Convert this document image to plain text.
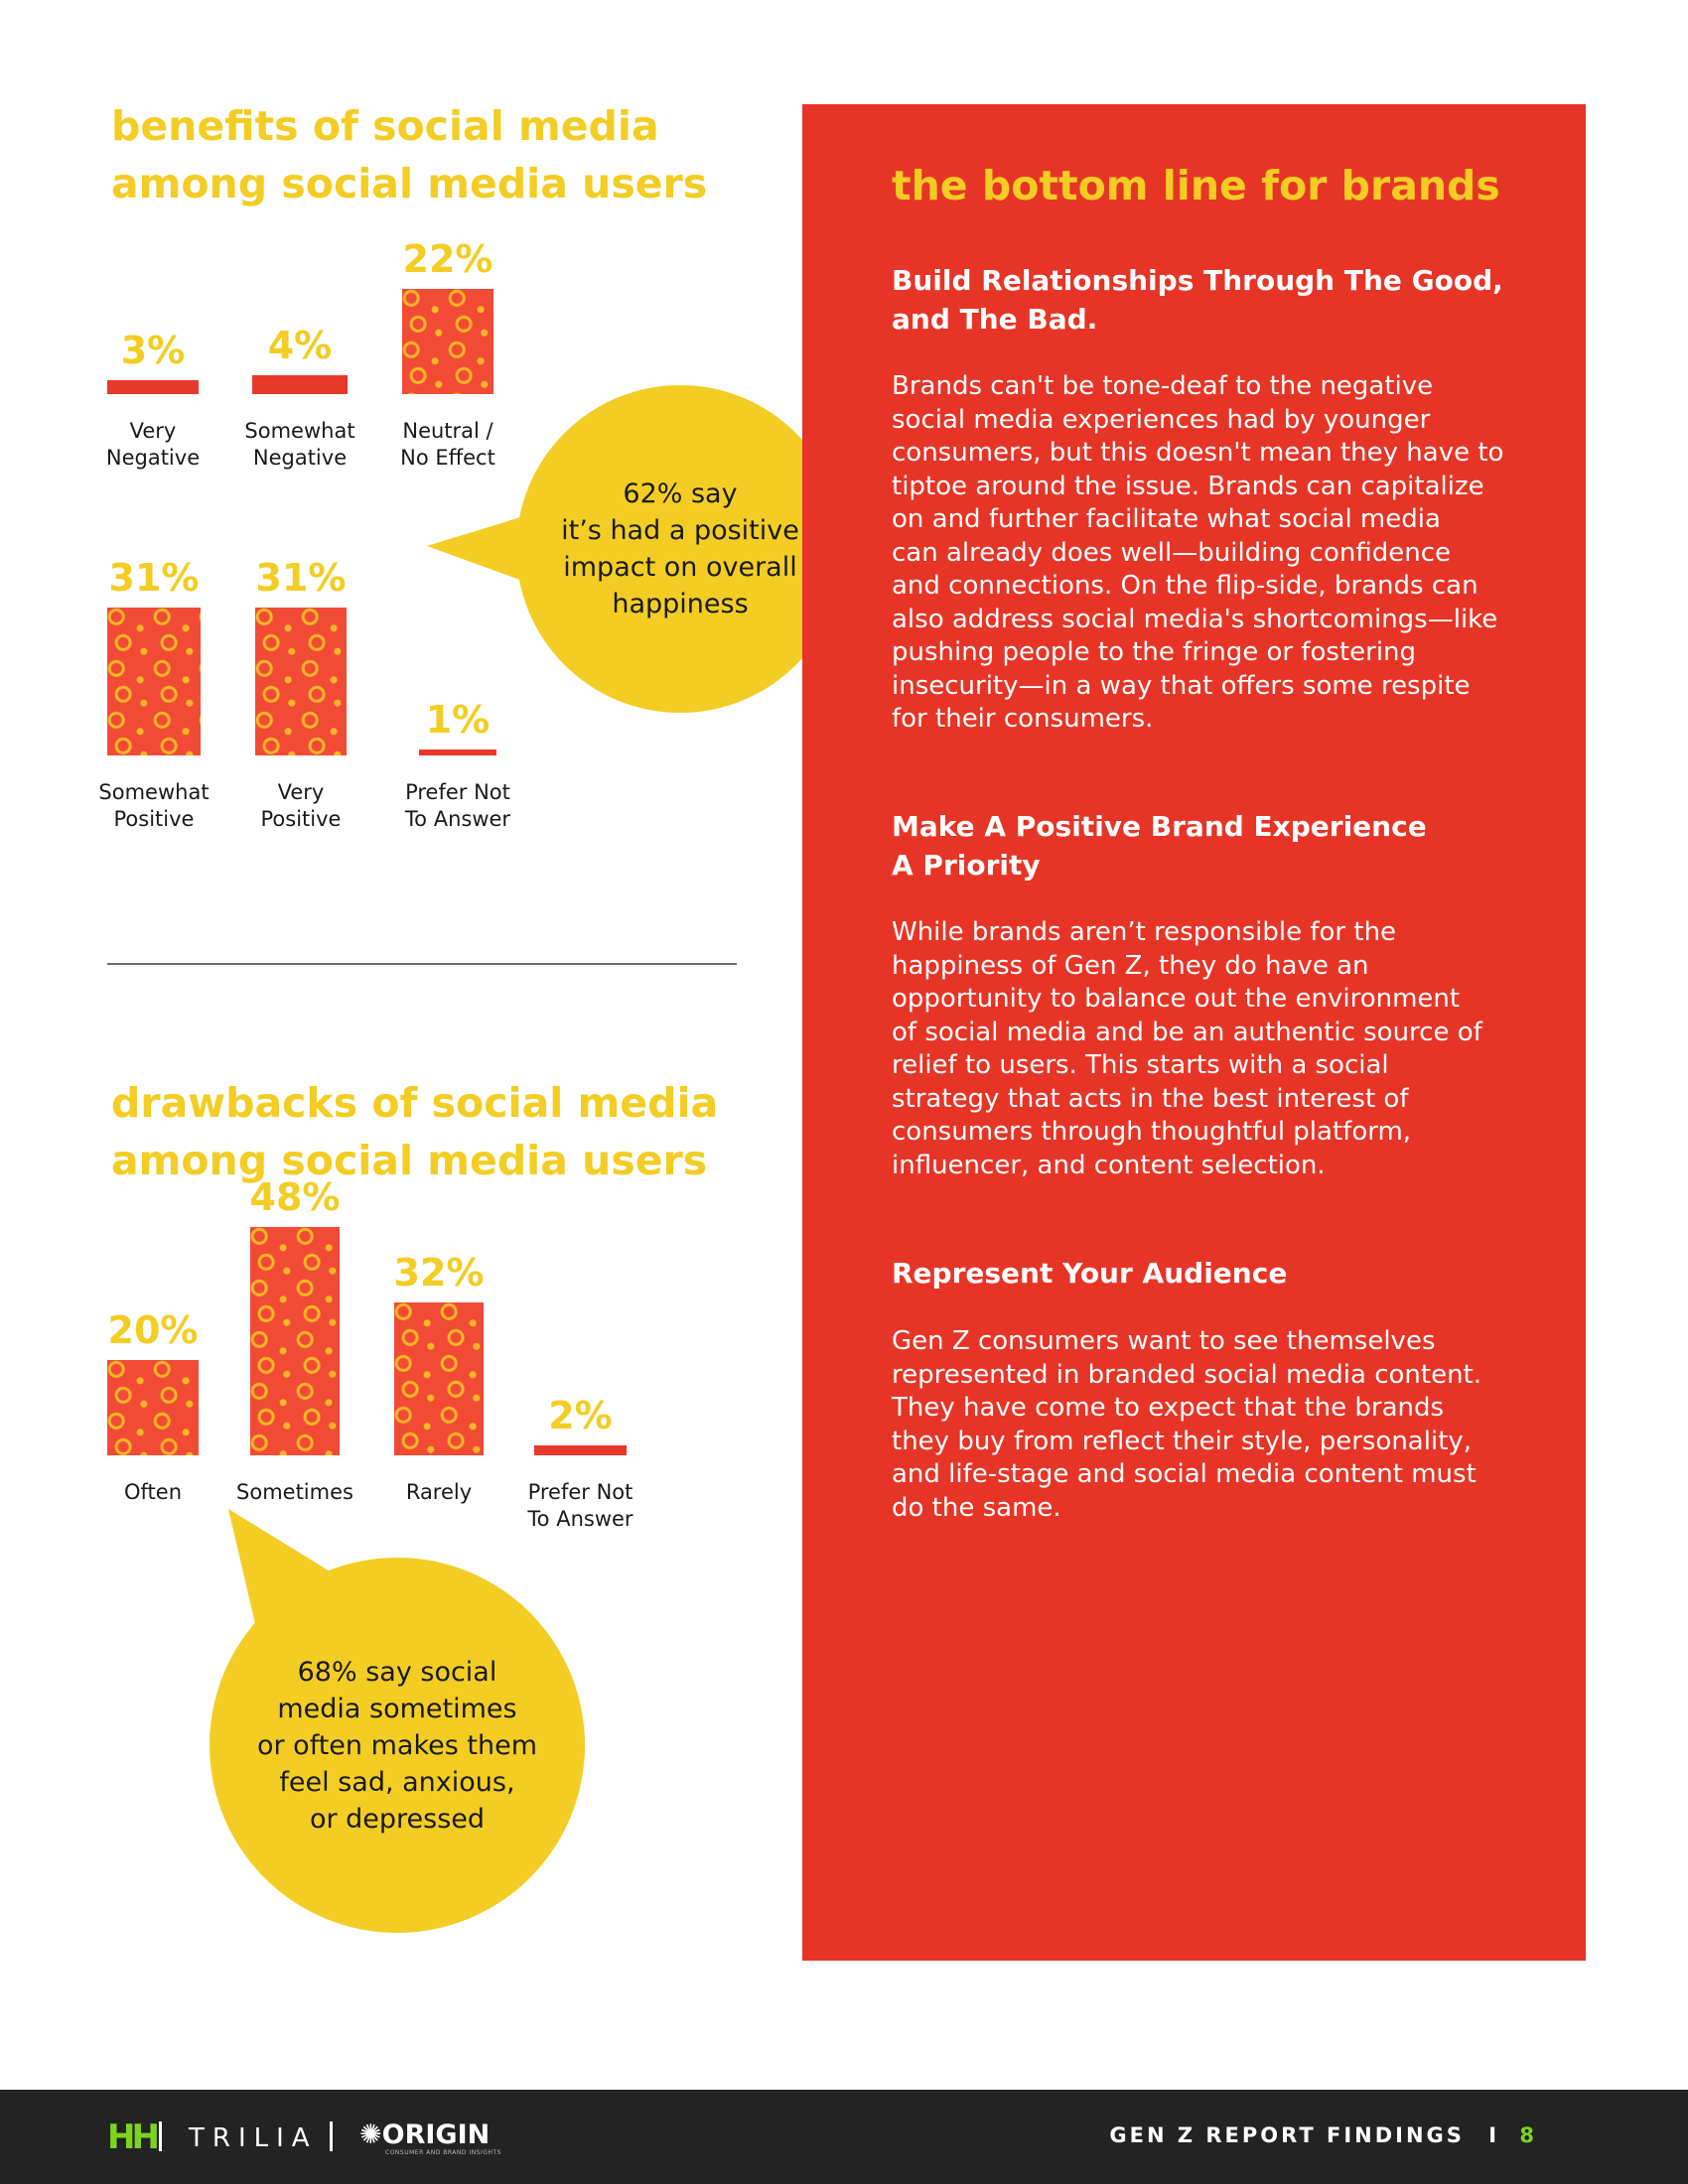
benefits of social media
among social media users
3%
Very
Negative
4%
Somewhat
Negative
22%
Neutral /
No Effect
31%
Somewhat
Positive
31%
Very
Positive
1%
Prefer Not
To Answer
62% say
it’s had a positive
impact on overall
happiness
the bottom line for brands
Build Relationships Through The Good,
and The Bad.
Brands can't be tone-deaf to the negative
social media experiences had by younger
consumers, but this doesn't mean they have to
tiptoe around the issue. Brands can capitalize
on and further facilitate what social media
can already does well—building confidence
and connections. On the flip-side, brands can
also address social media's shortcomings—like
pushing people to the fringe or fostering
insecurity—in a way that offers some respite
for their consumers.
Make A Positive Brand Experience
A Priority
While brands aren’t responsible for the
happiness of Gen Z, they do have an
opportunity to balance out the environment
of social media and be an authentic source of
relief to users. This starts with a social
strategy that acts in the best interest of
consumers through thoughtful platform,
influencer, and content selection.
Represent Your Audience
Gen Z consumers want to see themselves
represented in branded social media content.
They have come to expect that the brands
they buy from reflect their style, personality,
and life-stage and social media content must
do the same.
drawbacks of social media
among social media users
20%
Often
48%
Sometimes
32%
Rarely
2%
Prefer Not
To Answer
68% say social
media sometimes
or often makes them
feel sad, anxious,
or depressed
HH TRILIA ✺ORIGIN
CONSUMER AND BRAND INSIGHTS
GEN Z REPORT FINDINGS I 8
